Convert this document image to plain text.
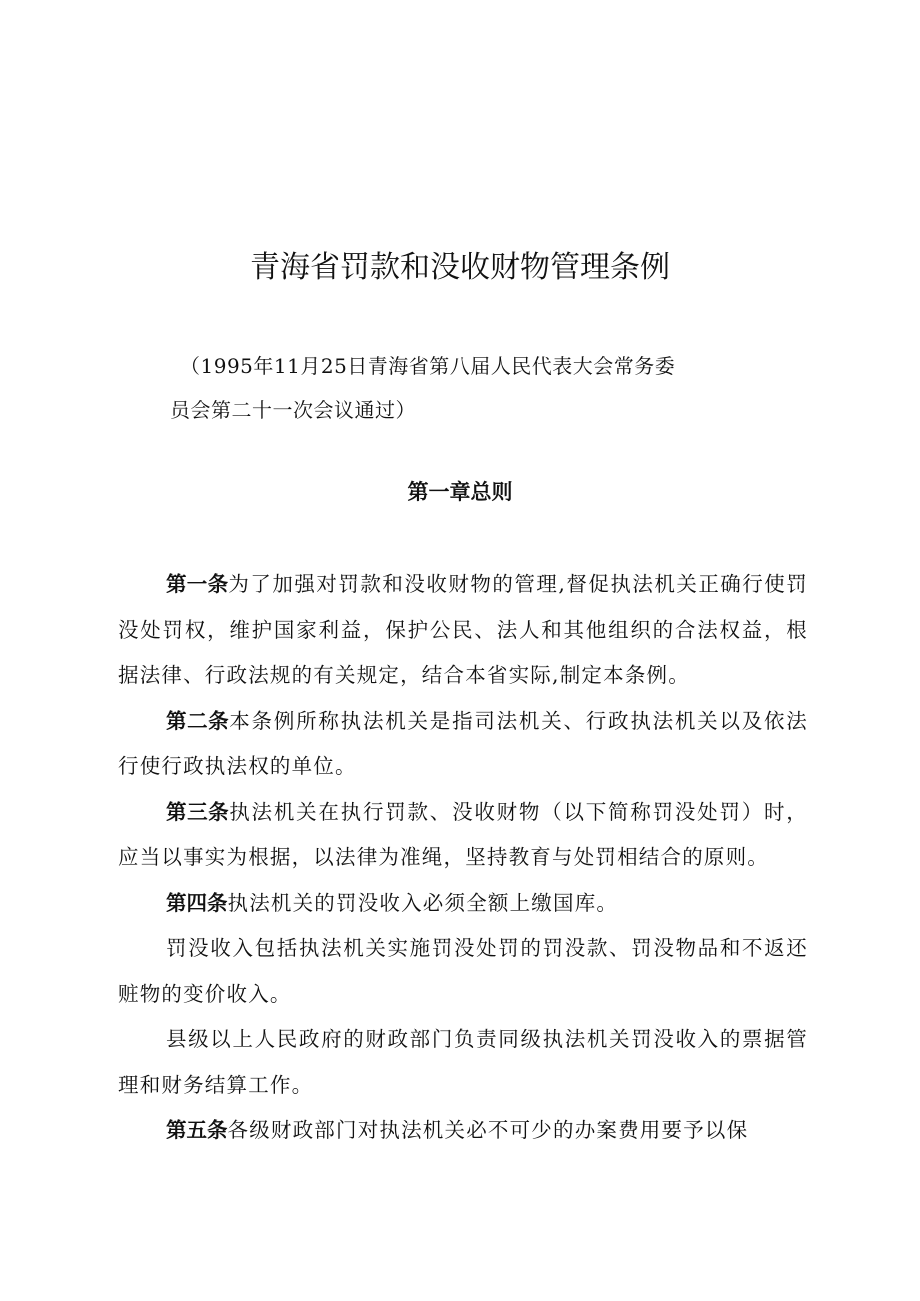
青海省罚款和没收财物管理条例

（1995年11月25日青海省第八届人民代表大会常务委
员会第二十一次会议通过）

第一章总则

第一条为了加强对罚款和没收财物的管理,督促执法机关正确行使罚没处罚权，维护国家利益，保护公民、法人和其他组织的合法权益，根据法律、行政法规的有关规定，结合本省实际,制定本条例。

第二条本条例所称执法机关是指司法机关、行政执法机关以及依法行使行政执法权的单位。

第三条执法机关在执行罚款、没收财物（以下简称罚没处罚）时，应当以事实为根据，以法律为准绳，坚持教育与处罚相结合的原则。

第四条执法机关的罚没收入必须全额上缴国库。

罚没收入包括执法机关实施罚没处罚的罚没款、罚没物品和不返还赃物的变价收入。

县级以上人民政府的财政部门负责同级执法机关罚没收入的票据管理和财务结算工作。

第五条各级财政部门对执法机关必不可少的办案费用要予以保
